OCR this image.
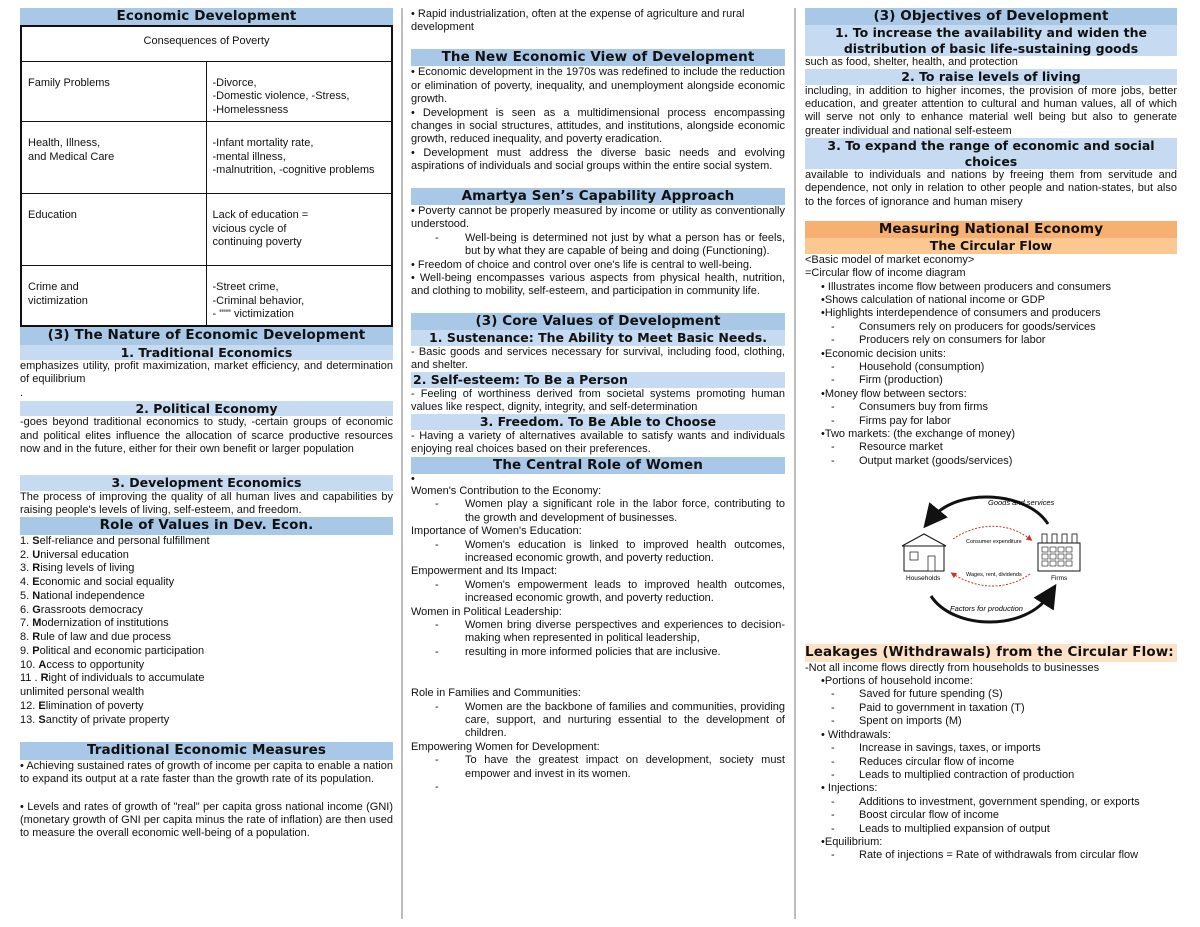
Economic Development
Consequences of Poverty	
Family Problems	-Divorce,
-Domestic violence, -Stress,
-Homelessness
Health, Illness,
and Medical Care	-Infant mortality rate,
-mental illness,
-malnutrition, -cognitive problems
Education	Lack of education =
vicious cycle of
continuing poverty
Crime and
victimization	-Street crime,
-Criminal behavior,
- """ victimization
(3) The Nature of Economic Development
1. Traditional Economics
emphasizes utility, profit maximization, market efficiency, and determination of equilibrium
.
2. Political Economy
-goes beyond traditional economics to study, -certain groups of economic and political elites influence the allocation of scarce productive resources now and in the future, either for their own benefit or larger population
3. Development Economics
The process of improving the quality of all human lives and capabilities by raising people's levels of living, self-esteem, and freedom.
Role of Values in Dev. Econ.
1. Self-reliance and personal fulfillment
2. Universal education
3. Rising levels of living
4. Economic and social equality
5. National independence
6. Grassroots democracy
7. Modernization of institutions
8. Rule of law and due process
9. Political and economic participation
10. Access to opportunity
11 . Right of individuals to accumulate
unlimited personal wealth
12. Elimination of poverty
13. Sanctity of private property
Traditional Economic Measures
• Achieving sustained rates of growth of income per capita to enable a nation to expand its output at a rate faster than the growth rate of its population.
• Levels and rates of growth of "real" per capita gross national income (GNI) (monetary growth of GNI per capita minus the rate of inflation) are then used to measure the overall economic well-being of a population.
• Rapid industrialization, often at the expense of agriculture and rural development
The New Economic View of Development
• Economic development in the 1970s was redefined to include the reduction or elimination of poverty, inequality, and unemployment alongside economic growth.
• Development is seen as a multidimensional process encompassing changes in social structures, attitudes, and institutions, alongside economic growth, reduced inequality, and poverty eradication.
• Development must address the diverse basic needs and evolving aspirations of individuals and social groups within the entire social system.
Amartya Sen’s Capability Approach
• Poverty cannot be properly measured by income or utility as conventionally understood.
-	Well-being is determined not just by what a person has or feels, but by what they are capable of being and doing (Functioning).
• Freedom of choice and control over one's life is central to well-being.
• Well-being encompasses various aspects from physical health, nutrition, and clothing to mobility, self-esteem, and participation in community life.
(3) Core Values of Development
1. Sustenance: The Ability to Meet Basic Needs.
- Basic goods and services necessary for survival, including food, clothing, and shelter.
2. Self-esteem: To Be a Person
- Feeling of worthiness derived from societal systems promoting human values like respect, dignity, integrity, and self-determination
3. Freedom. To Be Able to Choose
- Having a variety of alternatives available to satisfy wants and individuals enjoying real choices based on their preferences.
The Central Role of Women
•
Women's Contribution to the Economy:
-	Women play a significant role in the labor force, contributing to the growth and development of businesses.
Importance of Women's Education:
-	Women's education is linked to improved health outcomes, increased economic growth, and poverty reduction.
Empowerment and Its Impact:
-	Women's empowerment leads to improved health outcomes, increased economic growth, and poverty reduction.
Women in Political Leadership:
-	Women bring diverse perspectives and experiences to decision-making when represented in political leadership,
-	resulting in more informed policies that are inclusive.
Role in Families and Communities:
-	Women are the backbone of families and communities, providing care, support, and nurturing essential to the development of children.
Empowering Women for Development:
-	To have the greatest impact on development, society must empower and invest in its women.
-
(3) Objectives of Development
1. To increase the availability and widen the distribution of basic life-sustaining goods
such as food, shelter, health, and protection
2. To raise levels of living
including, in addition to higher incomes, the provision of more jobs, better education, and greater attention to cultural and human values, all of which will serve not only to enhance material well being but also to generate greater individual and national self-esteem
3. To expand the range of economic and social choices
available to individuals and nations by freeing them from servitude and dependence, not only in relation to other people and nation-states, but also to the forces of ignorance and human misery
Measuring National Economy
The Circular Flow
<Basic model of market economy>
=Circular flow of income diagram
• Illustrates income flow between producers and consumers
•Shows calculation of national income or GDP
•Highlights interdependence of consumers and producers
-	Consumers rely on producers for goods/services
-	Producers rely on consumers for labor
•Economic decision units:
-	Household (consumption)
-	Firm (production)
•Money flow between sectors:
-	Consumers buy from firms
-	Firms pay for labor
•Two markets: (the exchange of money)
-	Resource market
-	Output market (goods/services)
Goods and services
Consumer expenditure
Wages, rent, dividends
Factors for production
Households	Firms
Leakages (Withdrawals) from the Circular Flow:
-Not all income flows directly from households to businesses
•Portions of household income:
-	Saved for future spending (S)
-	Paid to government in taxation (T)
-	Spent on imports (M)
• Withdrawals:
-	Increase in savings, taxes, or imports
-	Reduces circular flow of income
-	Leads to multiplied contraction of production
• Injections:
-	Additions to investment, government spending, or exports
-	Boost circular flow of income
-	Leads to multiplied expansion of output
•Equilibrium:
-	Rate of injections = Rate of withdrawals from circular flow
